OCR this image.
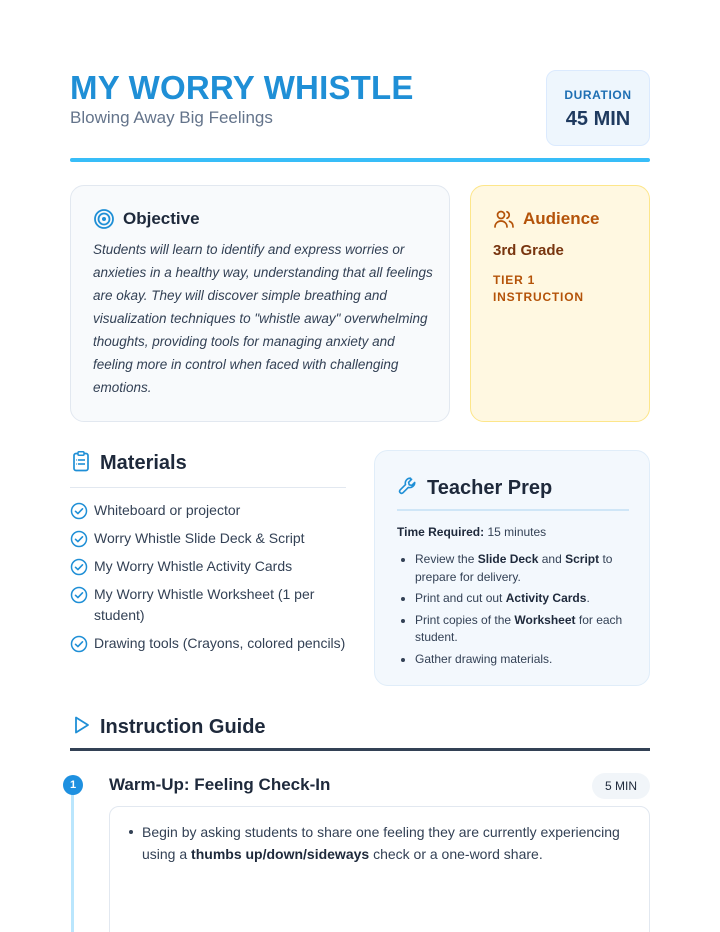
MY WORRY WHISTLE
Blowing Away Big Feelings
DURATION
45 MIN
Objective

Students will learn to identify and express worries or anxieties in a healthy way, understanding that all feelings are okay. They will discover simple breathing and visualization techniques to "whistle away" overwhelming thoughts, providing tools for managing anxiety and feeling more in control when faced with challenging emotions.

Audience
3rd Grade
TIER 1 INSTRUCTION
Materials
Whiteboard or projector
Worry Whistle Slide Deck & Script
My Worry Whistle Activity Cards
My Worry Whistle Worksheet (1 per student)
Drawing tools (Crayons, colored pencils)
Teacher Prep
Time Required: 15 minutes
Review the Slide Deck and Script to prepare for delivery.
Print and cut out Activity Cards.
Print copies of the Worksheet for each student.
Gather drawing materials.
Instruction Guide
1	Warm-Up: Feeling Check-In	5 MIN
Begin by asking students to share one feeling they are currently experiencing using a thumbs up/down/sideways check or a one-word share.
